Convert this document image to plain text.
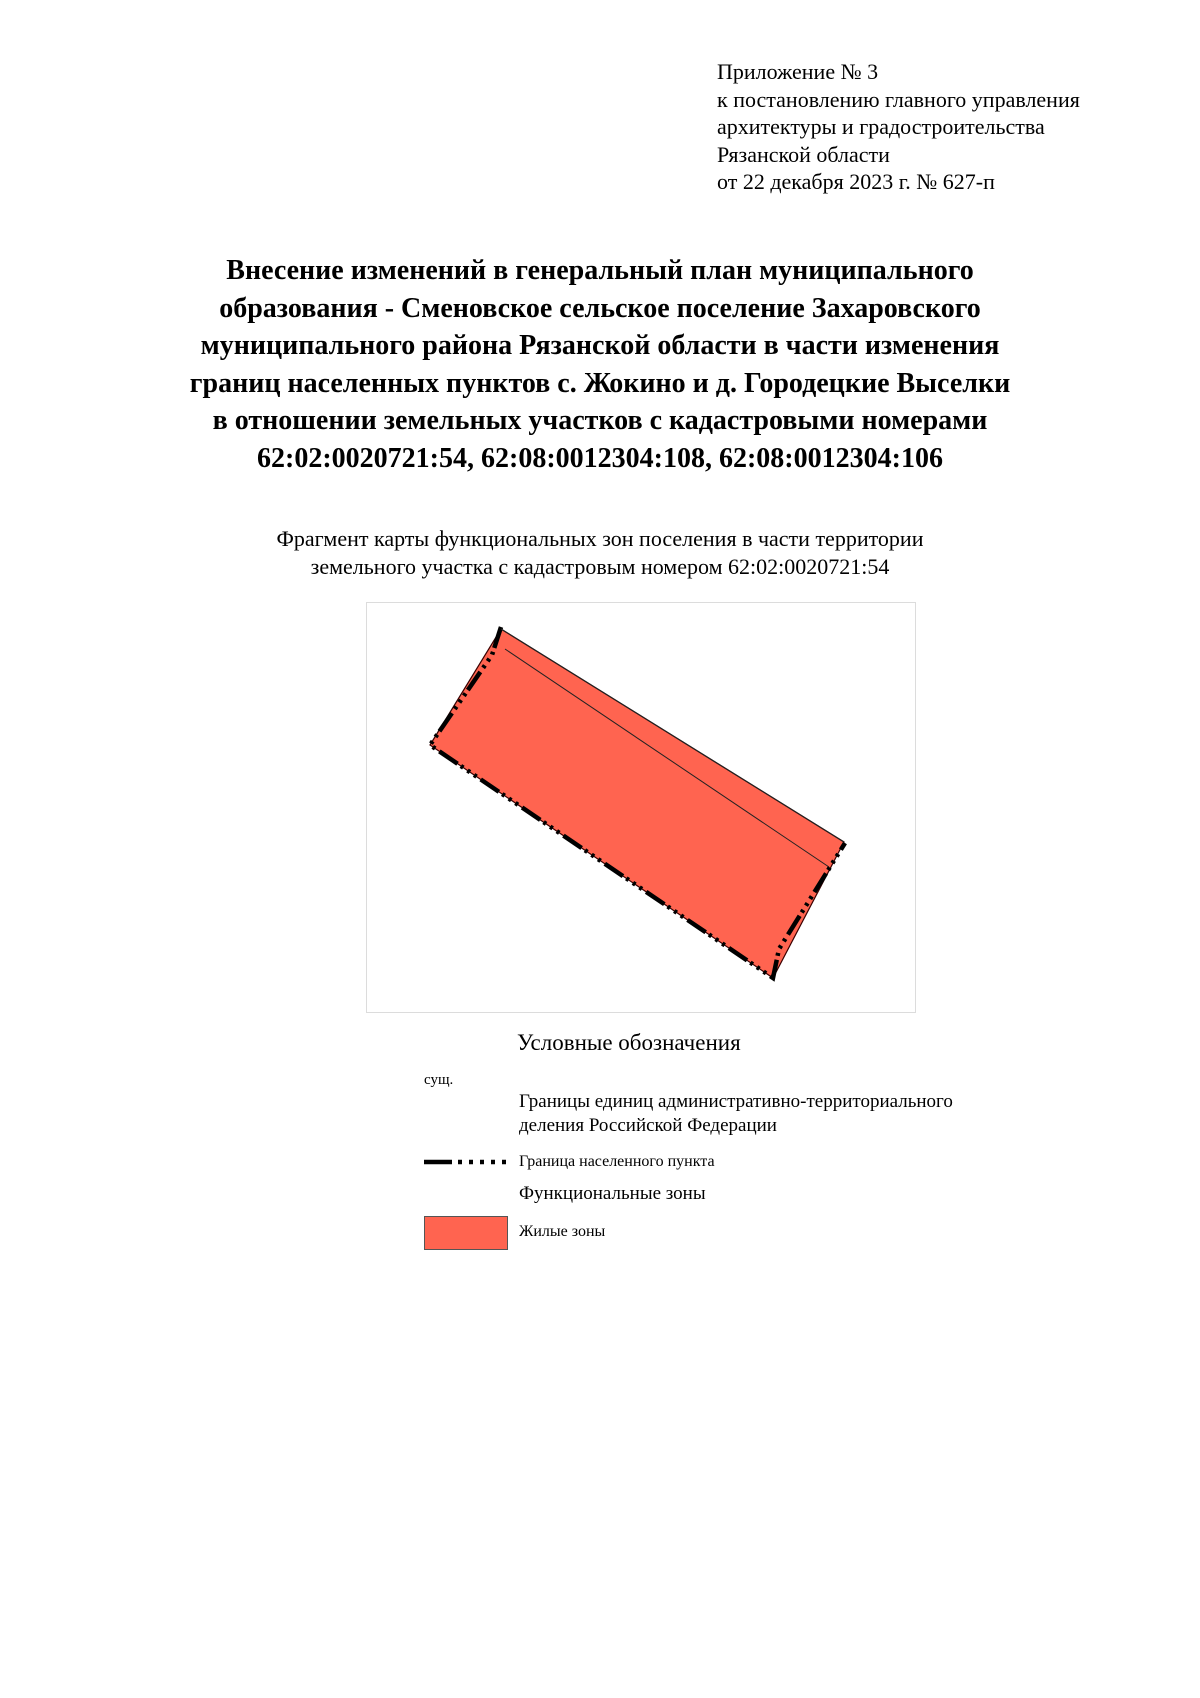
Приложение № 3
к постановлению главного управления
архитектуры и градостроительства
Рязанской области
от 22 декабря 2023 г. № 627-п
Внесение изменений в генеральный план муниципального
образования - Сменовское сельское поселение Захаровского
муниципального района Рязанской области в части изменения
границ населенных пунктов с. Жокино и д. Городецкие Выселки
в отношении земельных участков с кадастровыми номерами
62:02:0020721:54, 62:08:0012304:108, 62:08:0012304:106
Фрагмент карты функциональных зон поселения в части территории
земельного участка с кадастровым номером 62:02:0020721:54
Условные обозначения
сущ.
Границы единиц административно-территориального
деления Российской Федерации
Граница населенного пункта
Функциональные зоны
Жилые зоны
